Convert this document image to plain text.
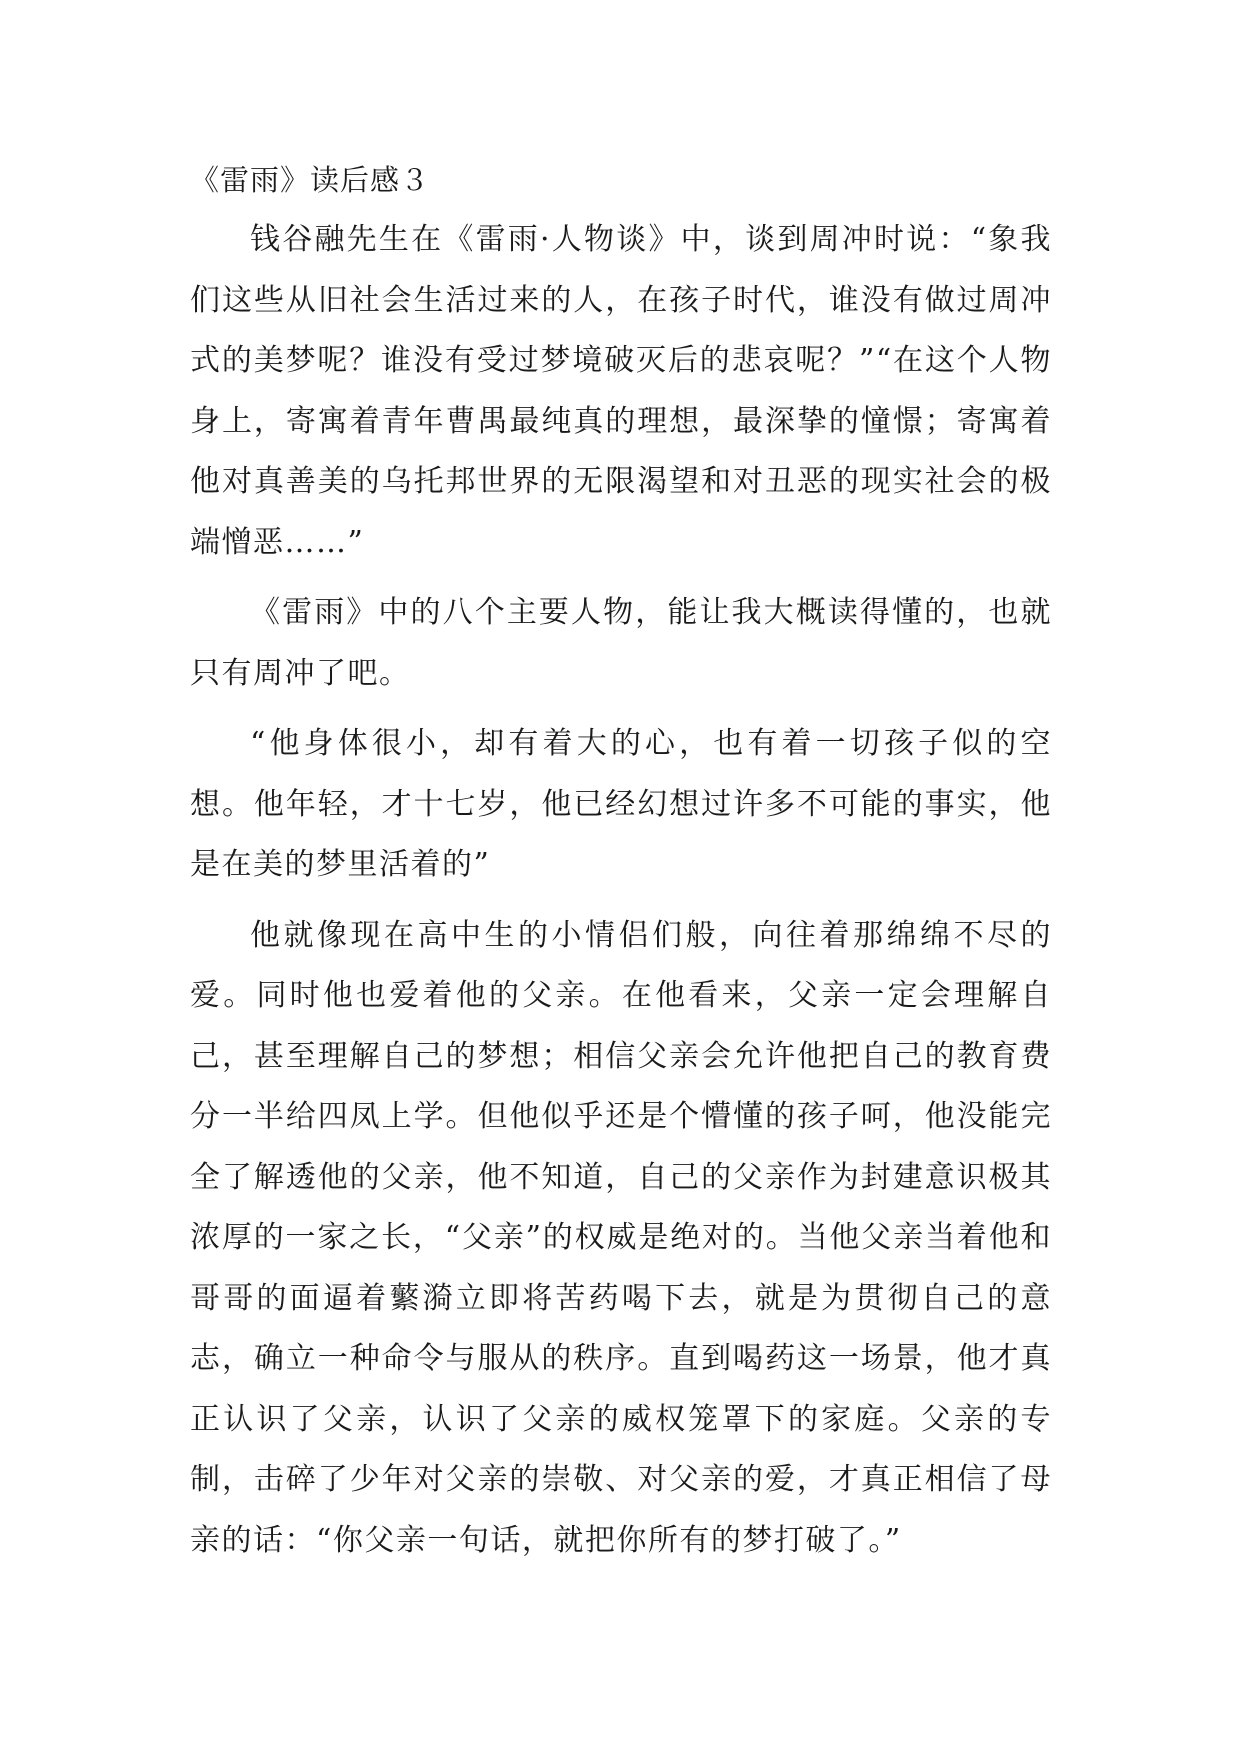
《雷雨》读后感３

钱谷融先生在《雷雨·人物谈》中，谈到周冲时说：“象我们这些从旧社会生活过来的人，在孩子时代，谁没有做过周冲式的美梦呢？谁没有受过梦境破灭后的悲哀呢？”“在这个人物身上，寄寓着青年曹禺最纯真的理想，最深挚的憧憬；寄寓着他对真善美的乌托邦世界的无限渴望和对丑恶的现实社会的极端憎恶……”

《雷雨》中的八个主要人物，能让我大概读得懂的，也就只有周冲了吧。

“他身体很小，却有着大的心，也有着一切孩子似的空想。他年轻，才十七岁，他已经幻想过许多不可能的事实，他是在美的梦里活着的”

他就像现在高中生的小情侣们般，向往着那绵绵不尽的爱。同时他也爱着他的父亲。在他看来，父亲一定会理解自己，甚至理解自己的梦想；相信父亲会允许他把自己的教育费分一半给四凤上学。但他似乎还是个懵懂的孩子呵，他没能完全了解透他的父亲，他不知道，自己的父亲作为封建意识极其浓厚的一家之长，“父亲”的权威是绝对的。当他父亲当着他和哥哥的面逼着蘩漪立即将苦药喝下去，就是为贯彻自己的意志，确立一种命令与服从的秩序。直到喝药这一场景，他才真正认识了父亲，认识了父亲的威权笼罩下的家庭。父亲的专制，击碎了少年对父亲的崇敬、对父亲的爱，才真正相信了母亲的话：“你父亲一句话，就把你所有的梦打破了。”
